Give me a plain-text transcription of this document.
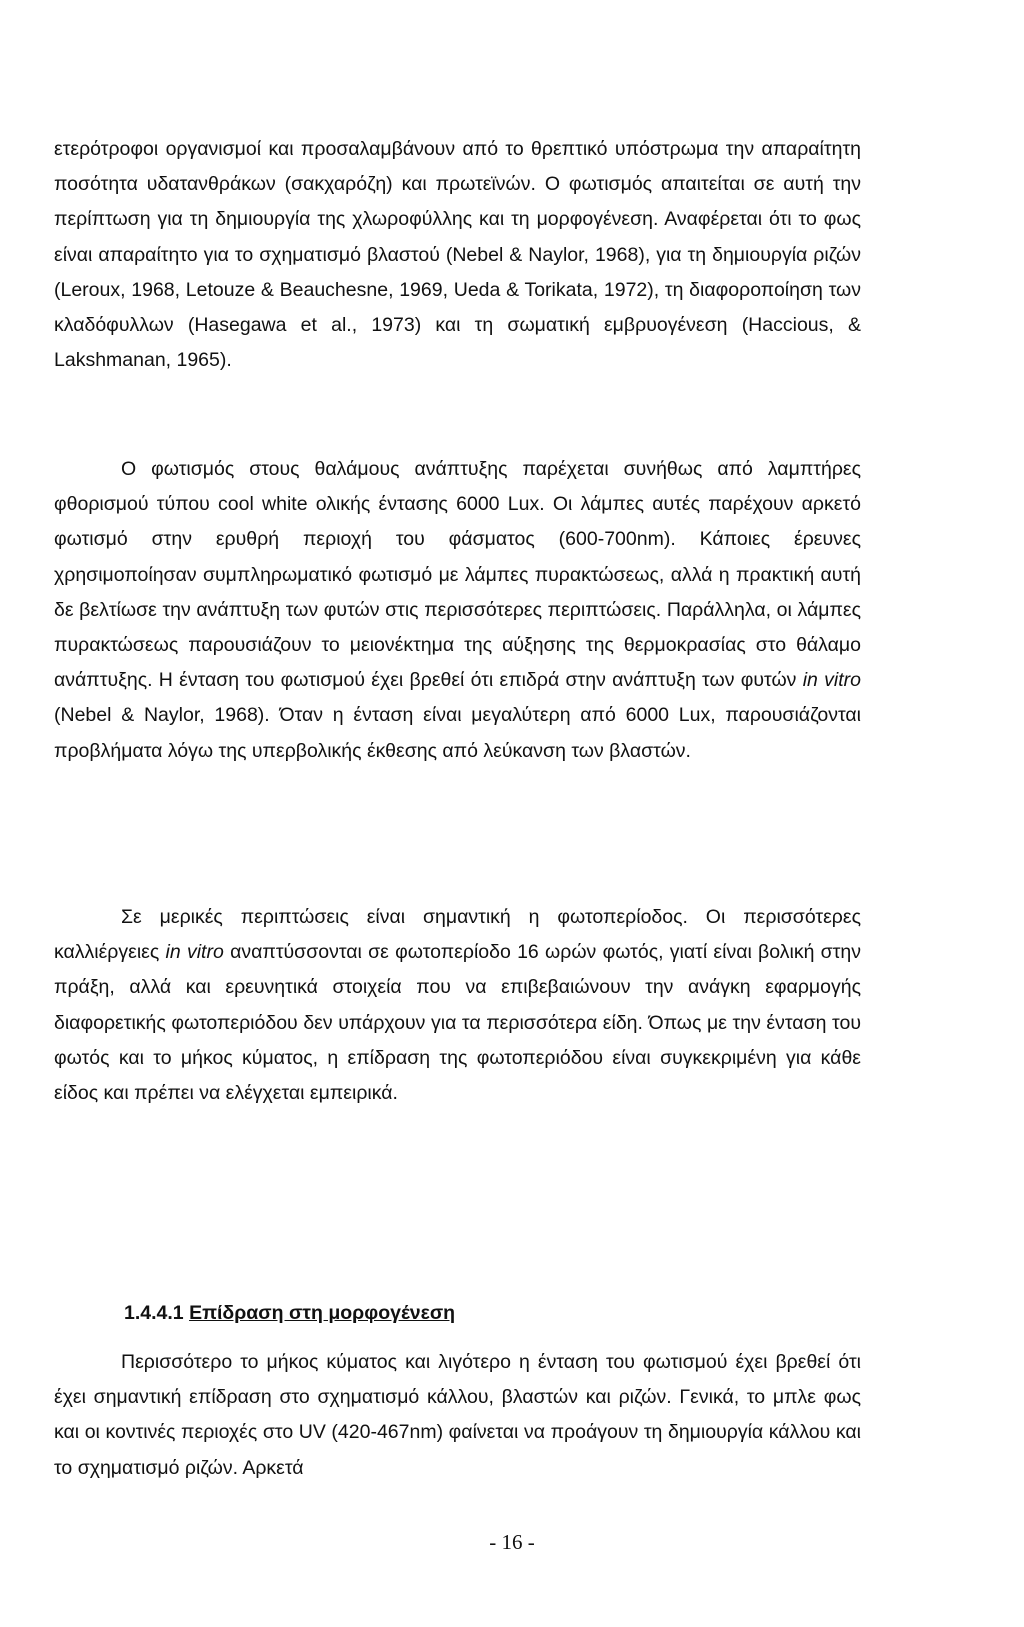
ετερότροφοι οργανισμοί και προσαλαμβάνουν από το θρεπτικό υπόστρωμα την απαραίτητη ποσότητα υδατανθράκων (σακχαρόζη) και πρωτεϊνών. Ο φωτισμός απαιτείται σε αυτή την περίπτωση για τη δημιουργία της χλωροφύλλης και τη μορφογένεση. Αναφέρεται ότι το φως είναι απαραίτητο για το σχηματισμό βλαστού (Nebel & Naylor, 1968), για τη δημιουργία ριζών (Leroux, 1968, Letouze & Beauchesne, 1969, Ueda & Torikata, 1972), τη διαφοροποίηση των κλαδόφυλλων (Hasegawa et al., 1973) και τη σωματική εμβρυογένεση (Haccious, & Lakshmanan, 1965).

Ο φωτισμός στους θαλάμους ανάπτυξης παρέχεται συνήθως από λαμπτήρες φθορισμού τύπου cool white ολικής έντασης 6000 Lux. Οι λάμπες αυτές παρέχουν αρκετό φωτισμό στην ερυθρή περιοχή του φάσματος (600-700nm). Κάποιες έρευνες χρησιμοποίησαν συμπληρωματικό φωτισμό με λάμπες πυρακτώσεως, αλλά η πρακτική αυτή δε βελτίωσε την ανάπτυξη των φυτών στις περισσότερες περιπτώσεις. Παράλληλα, οι λάμπες πυρακτώσεως παρουσιάζουν το μειονέκτημα της αύξησης της θερμοκρασίας στο θάλαμο ανάπτυξης. Η ένταση του φωτισμού έχει βρεθεί ότι επιδρά στην ανάπτυξη των φυτών in vitro (Nebel & Naylor, 1968). Όταν η ένταση είναι μεγαλύτερη από 6000 Lux, παρουσιάζονται προβλήματα λόγω της υπερβολικής έκθεσης από λεύκανση των βλαστών.

Σε μερικές περιπτώσεις είναι σημαντική η φωτοπερίοδος. Οι περισσότερες καλλιέργειες in vitro αναπτύσσονται σε φωτοπερίοδο 16 ωρών φωτός, γιατί είναι βολική στην πράξη, αλλά και ερευνητικά στοιχεία που να επιβεβαιώνουν την ανάγκη εφαρμογής διαφορετικής φωτοπεριόδου δεν υπάρχουν για τα περισσότερα είδη. Όπως με την ένταση του φωτός και το μήκος κύματος, η επίδραση της φωτοπεριόδου είναι συγκεκριμένη για κάθε είδος και πρέπει να ελέγχεται εμπειρικά.

1.4.4.1 Επίδραση στη μορφογένεση

Περισσότερο το μήκος κύματος και λιγότερο η ένταση του φωτισμού έχει βρεθεί ότι έχει σημαντική επίδραση στο σχηματισμό κάλλου, βλαστών και ριζών. Γενικά, το μπλε φως και οι κοντινές περιοχές στο UV (420-467nm) φαίνεται να προάγουν τη δημιουργία κάλλου και το σχηματισμό ριζών. Αρκετά

- 16 -
